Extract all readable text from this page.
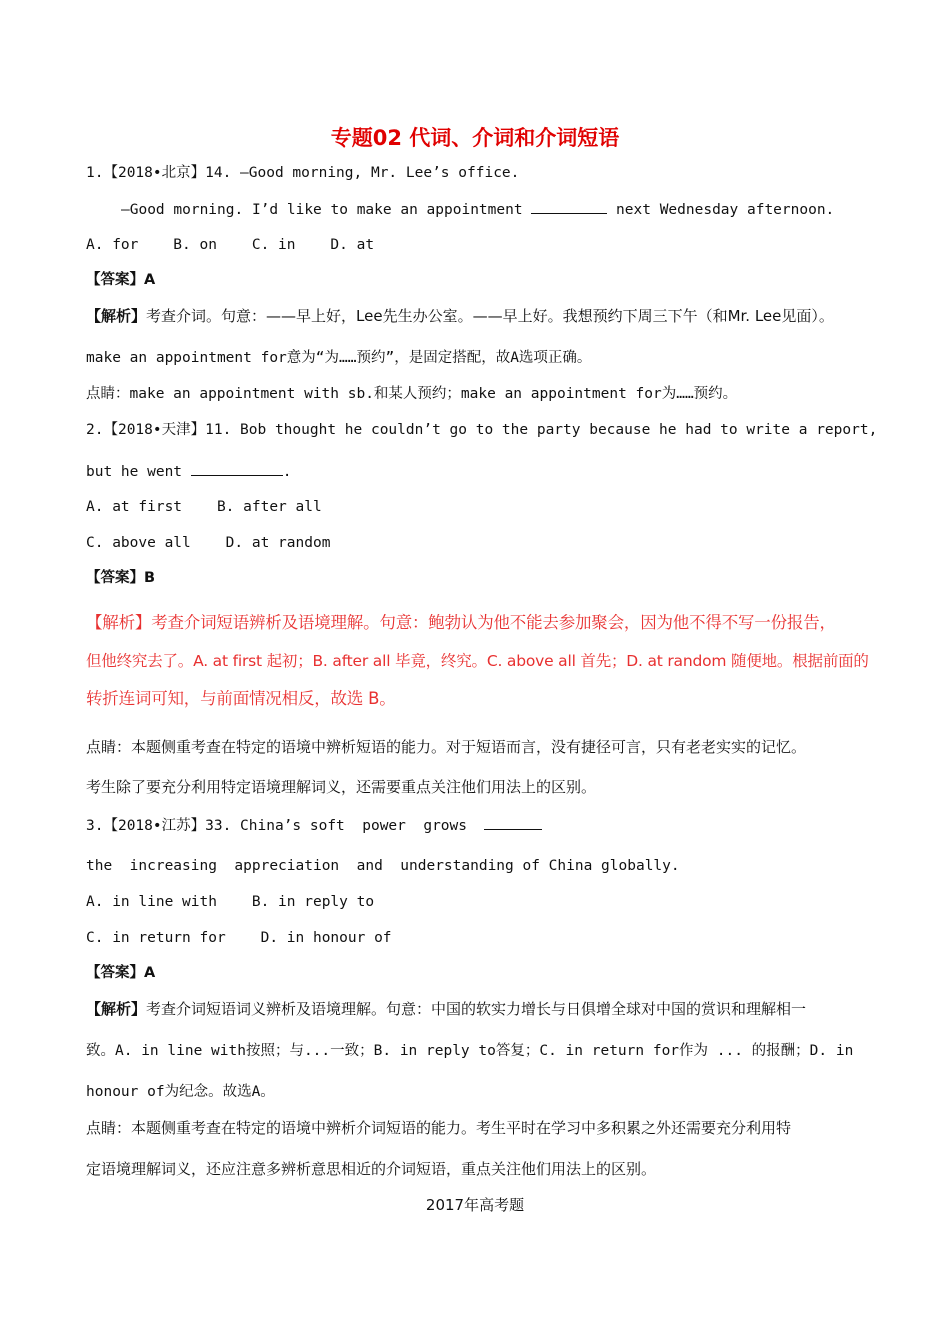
专题02 代词、介词和介词短语
1.【2018•北京】14. —Good morning, Mr. Lee’s office.
—Good morning. I’d like to make an appointment	next Wednesday afternoon.
A. for    B. on    C. in    D. at
【答案】A
【解析】考查介词。句意：——早上好，Lee先生办公室。——早上好。我想预约下周三下午（和Mr. Lee见面）。
make an appointment for意为“为……预约”，是固定搭配，故A选项正确。
点睛：make an appointment with sb.和某人预约；make an appointment for为……预约。
2.【2018•天津】11. Bob thought he couldn’t go to the party because he had to write a report,
but he went	.
A. at first    B. after all
C. above all    D. at random
【答案】B
【解析】考查介词短语辨析及语境理解。句意：鲍勃认为他不能去参加聚会，因为他不得不写一份报告，
但他终究去了。A. at first 起初；B. after all 毕竟，终究。C. above all 首先；D. at random 随便地。根据前面的
转折连词可知，与前面情况相反，故选 B。
点睛：本题侧重考查在特定的语境中辨析短语的能力。对于短语而言，没有捷径可言，只有老老实实的记忆。
考生除了要充分利用特定语境理解词义，还需要重点关注他们用法上的区别。
3.【2018•江苏】33. China’s soft  power  grows
the  increasing  appreciation  and  understanding of China globally.
A. in line with    B. in reply to
C. in return for    D. in honour of
【答案】A
【解析】考查介词短语词义辨析及语境理解。句意：中国的软实力增长与日俱增全球对中国的赏识和理解相一
致。A. in line with按照；与...一致；B. in reply to答复；C. in return for作为 ... 的报酬；D. in
honour of为纪念。故选A。
点睛：本题侧重考查在特定的语境中辨析介词短语的能力。考生平时在学习中多积累之外还需要充分利用特
定语境理解词义，还应注意多辨析意思相近的介词短语，重点关注他们用法上的区别。
2017年高考题
